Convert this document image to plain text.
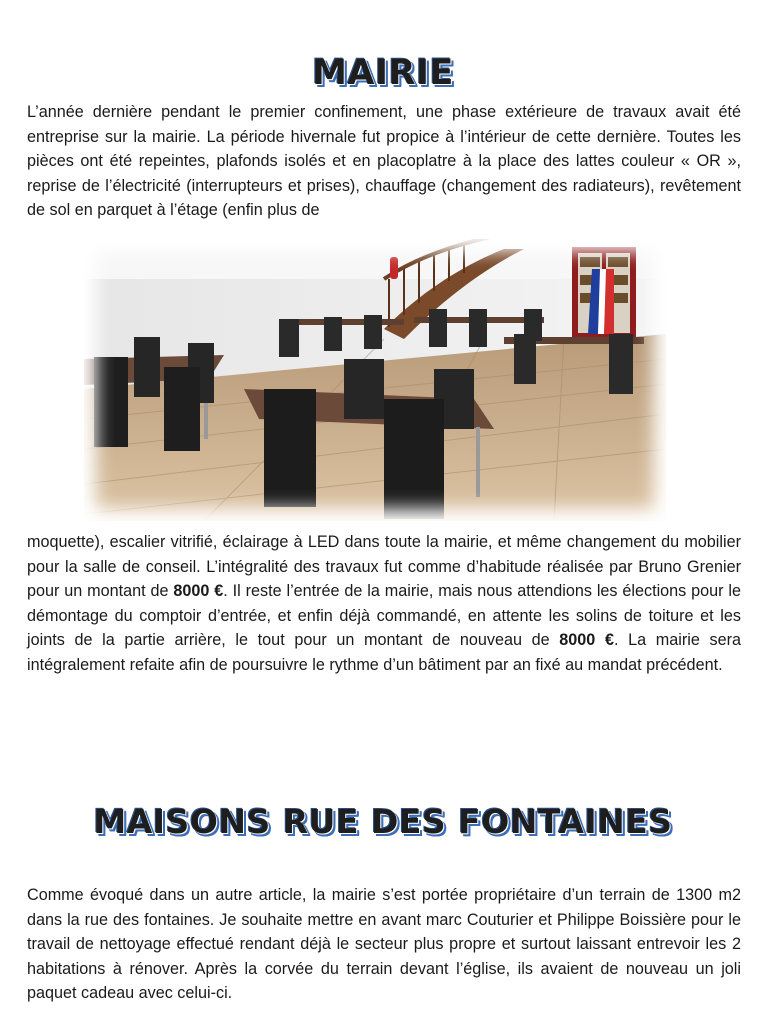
MAIRIE

L’année dernière pendant le premier confinement, une phase extérieure de travaux avait été entreprise sur la mairie. La période hivernale fut propice à l’intérieur de cette dernière. Toutes les pièces ont été repeintes, plafonds isolés et en placoplatre à la place des lattes couleur « OR », reprise de l’électricité (interrupteurs et prises), chauffage (changement des radiateurs), revêtement de sol en parquet à l’étage (enfin plus de

moquette), escalier vitrifié, éclairage à LED dans toute la mairie, et même changement du mobilier pour la salle de conseil. L’intégralité des travaux fut comme d’habitude réalisée par Bruno Grenier pour un montant de 8000 €. Il reste l’entrée de la mairie, mais nous attendions les élections pour le démontage du comptoir d’entrée, et enfin déjà commandé, en attente les solins de toiture et les joints de la partie arrière, le tout pour un montant de nouveau de 8000 €. La mairie sera intégralement refaite afin de poursuivre le rythme d’un bâtiment par an fixé au mandat précédent.

MAISONS RUE DES FONTAINES

Comme évoqué dans un autre article, la mairie s’est portée propriétaire d’un terrain de 1300 m2 dans la rue des fontaines. Je souhaite mettre en avant marc Couturier et Philippe Boissière pour le travail de nettoyage effectué rendant déjà le secteur plus propre et surtout laissant entrevoir les 2 habitations à rénover. Après la corvée du terrain devant l’église, ils avaient de nouveau un joli paquet cadeau avec celui-ci.
